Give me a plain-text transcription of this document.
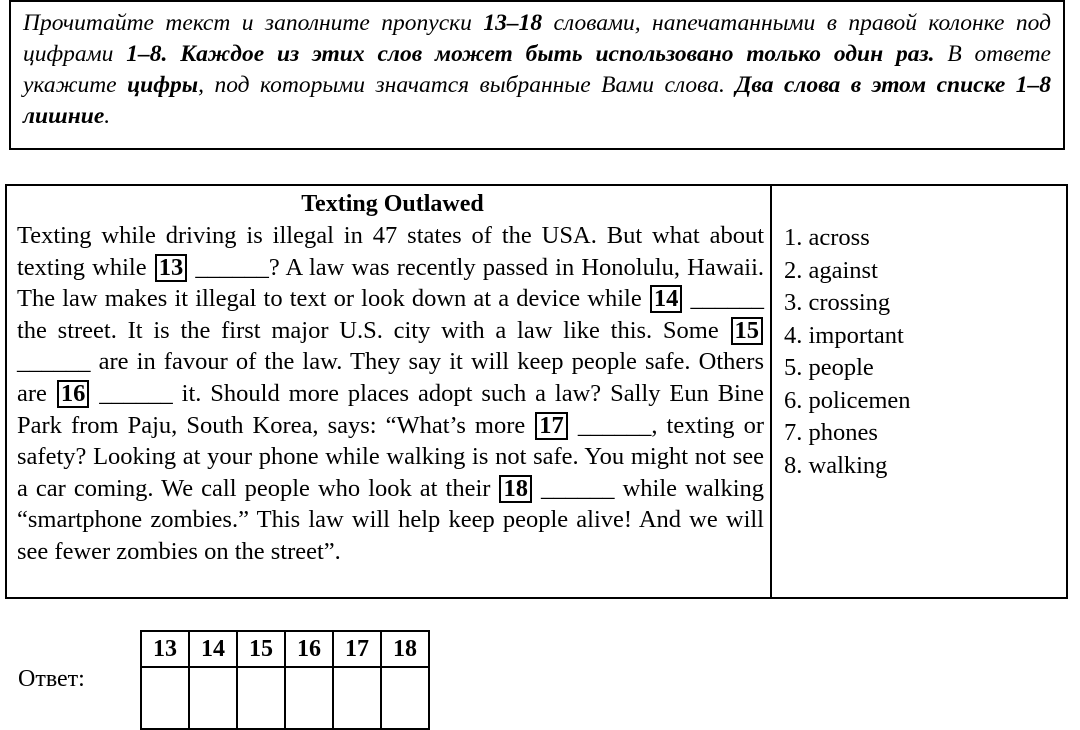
Прочитайте текст и заполните пропуски 13–18 словами, напечатанными в правой колонке под цифрами 1–8. Каждое из этих слов может быть использовано только один раз. В ответе укажите цифры, под которыми значатся выбранные Вами слова. Два слова в этом списке 1–8 лишние.
Texting Outlawed
Texting while driving is illegal in 47 states of the USA. But what about texting while 13 ______? A law was recently passed in Honolulu, Hawaii. The law makes it illegal to text or look down at a device while 14 ______ the street. It is the first major U.S. city with a law like this. Some 15 ______ are in favour of the law. They say it will keep people safe. Others are 16 ______ it. Should more places adopt such a law? Sally Eun Bine Park from Paju, South Korea, says: “What’s more 17 ______, texting or safety? Looking at your phone while walking is not safe. You might not see a car coming. We call people who look at their 18 ______ while walking “smartphone zombies.” This law will help keep people alive! And we will see fewer zombies on the street”.
1. across
2. against
3. crossing
4. important
5. people
6. policemen
7. phones
8. walking
Ответ:
13	14	15	16	17	18
